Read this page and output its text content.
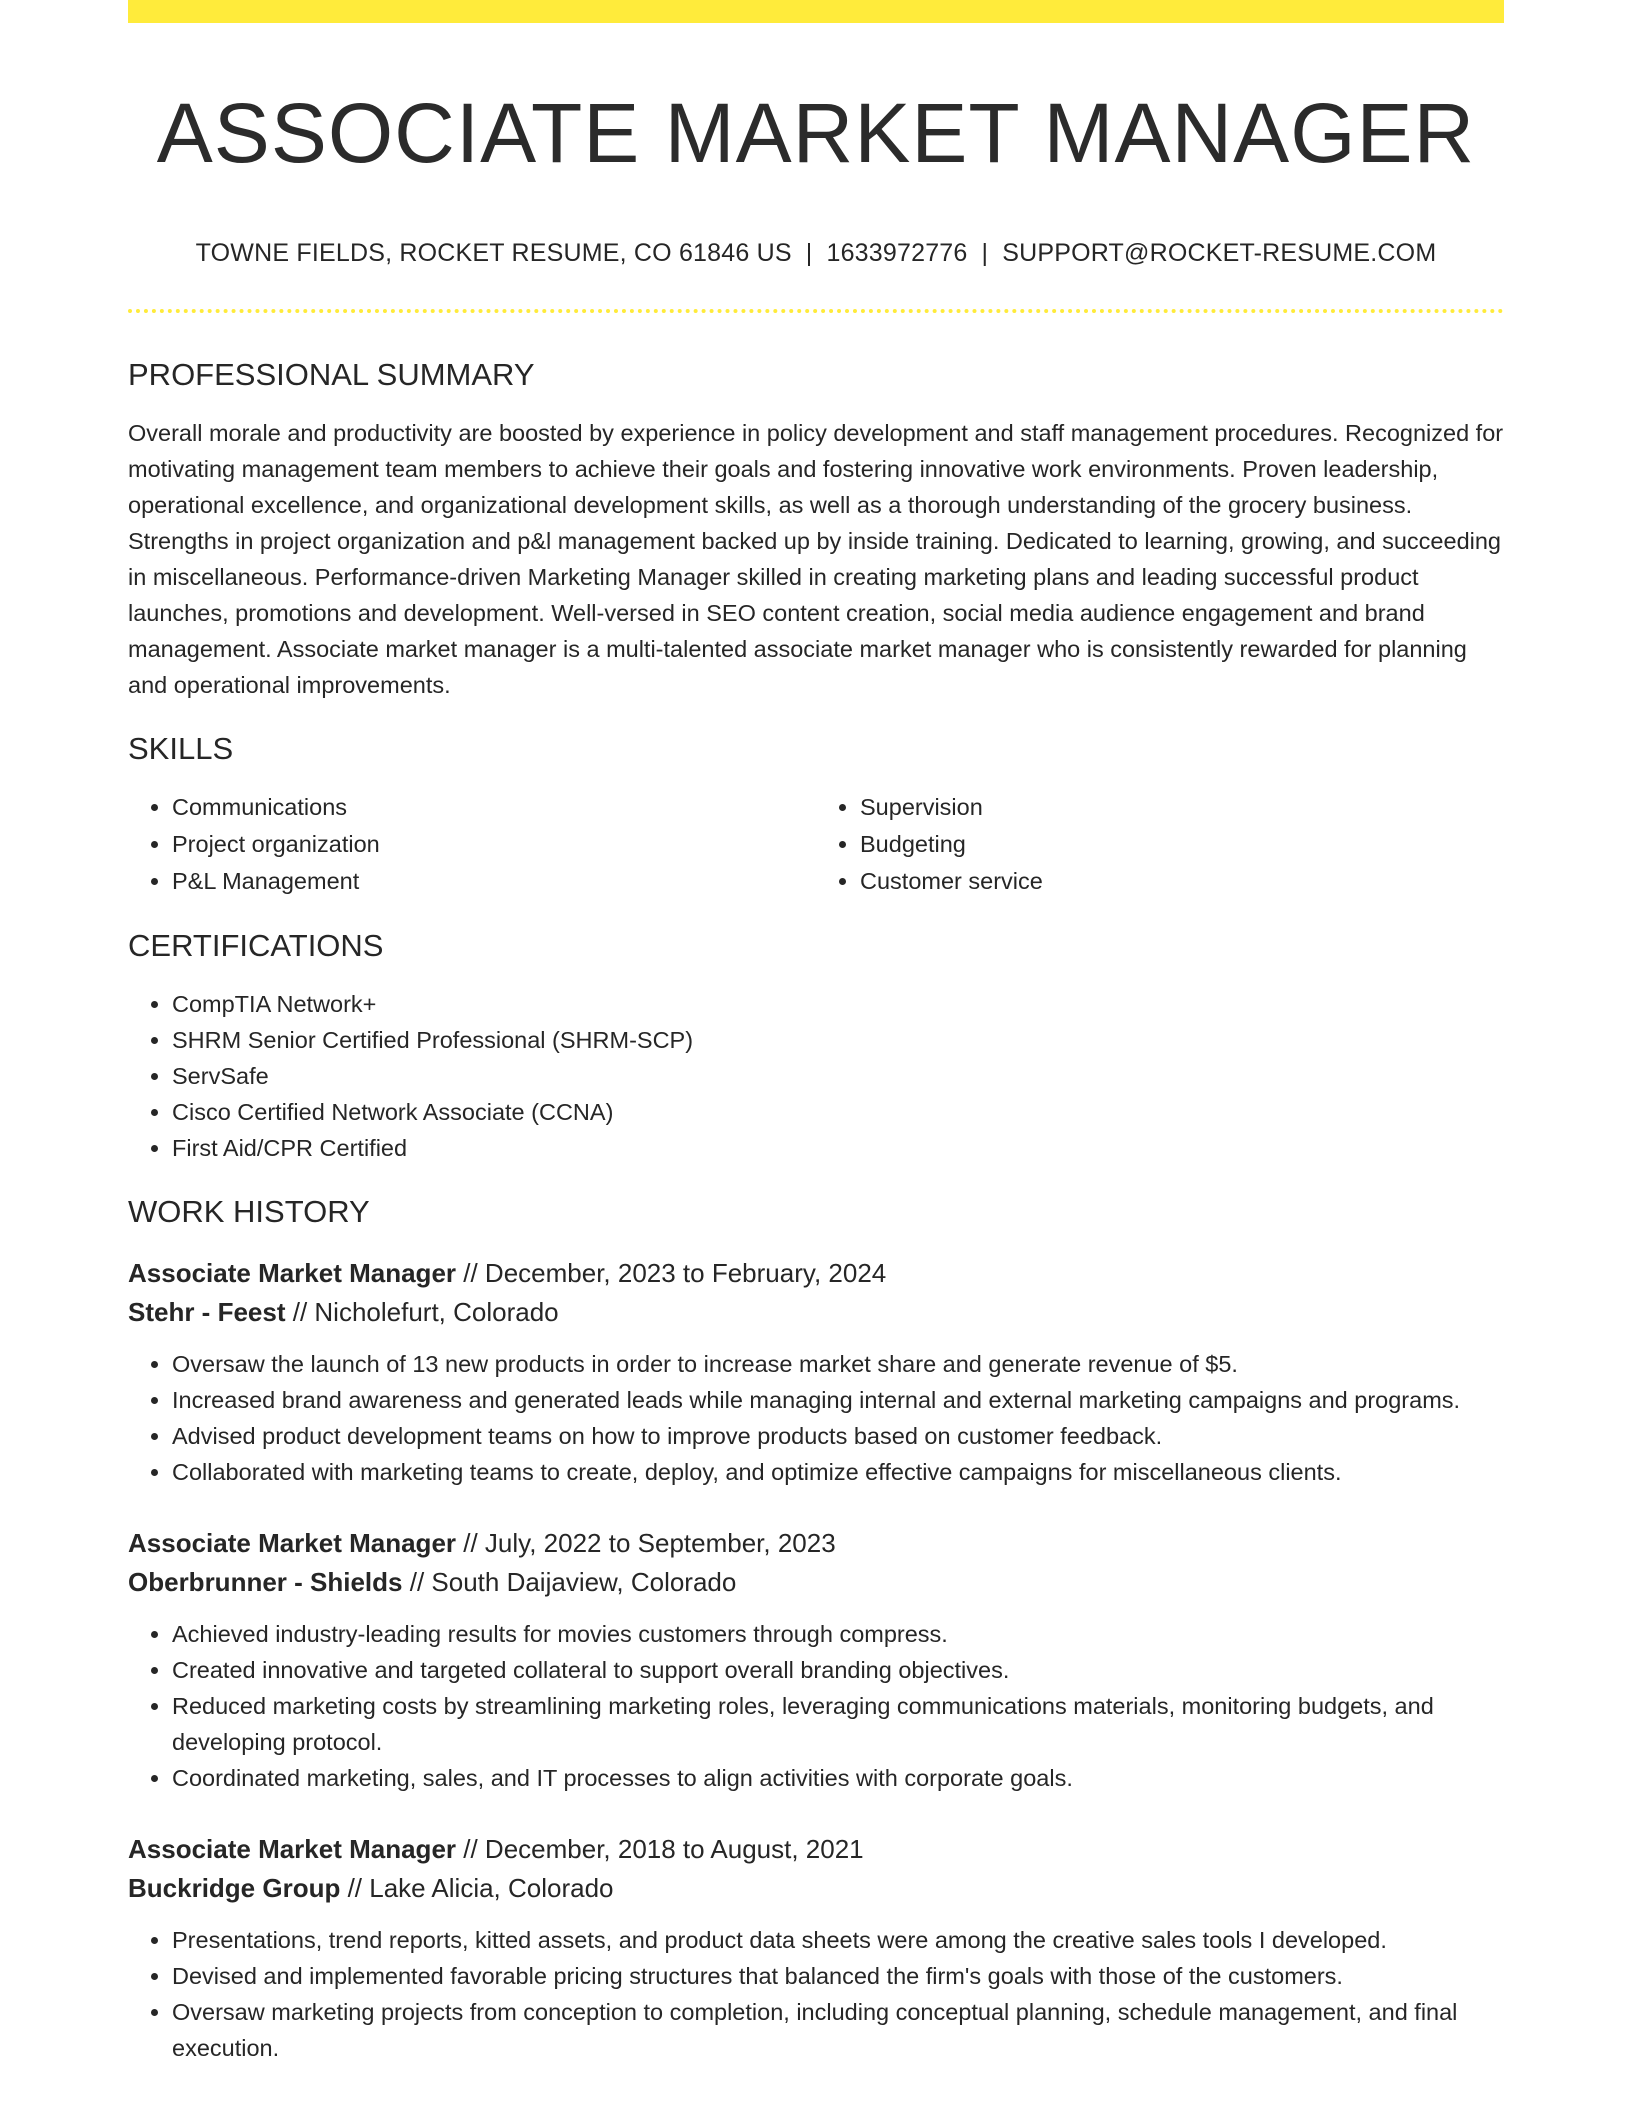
ASSOCIATE MARKET MANAGER
TOWNE FIELDS, ROCKET RESUME, CO 61846 US | 1633972776 | SUPPORT@ROCKET-RESUME.COM
PROFESSIONAL SUMMARY
Overall morale and productivity are boosted by experience in policy development and staff management procedures. Recognized for motivating management team members to achieve their goals and fostering innovative work environments. Proven leadership, operational excellence, and organizational development skills, as well as a thorough understanding of the grocery business. Strengths in project organization and p&l management backed up by inside training. Dedicated to learning, growing, and succeeding in miscellaneous. Performance-driven Marketing Manager skilled in creating marketing plans and leading successful product launches, promotions and development. Well-versed in SEO content creation, social media audience engagement and brand management. Associate market manager is a multi-talented associate market manager who is consistently rewarded for planning and operational improvements.
SKILLS
• Communications
• Project organization
• P&L Management
• Supervision
• Budgeting
• Customer service
CERTIFICATIONS
• CompTIA Network+
• SHRM Senior Certified Professional (SHRM-SCP)
• ServSafe
• Cisco Certified Network Associate (CCNA)
• First Aid/CPR Certified
WORK HISTORY
Associate Market Manager // December, 2023 to February, 2024
Stehr - Feest // Nicholefurt, Colorado
• Oversaw the launch of 13 new products in order to increase market share and generate revenue of $5.
• Increased brand awareness and generated leads while managing internal and external marketing campaigns and programs.
• Advised product development teams on how to improve products based on customer feedback.
• Collaborated with marketing teams to create, deploy, and optimize effective campaigns for miscellaneous clients.
Associate Market Manager // July, 2022 to September, 2023
Oberbrunner - Shields // South Daijaview, Colorado
• Achieved industry-leading results for movies customers through compress.
• Created innovative and targeted collateral to support overall branding objectives.
• Reduced marketing costs by streamlining marketing roles, leveraging communications materials, monitoring budgets, and developing protocol.
• Coordinated marketing, sales, and IT processes to align activities with corporate goals.
Associate Market Manager // December, 2018 to August, 2021
Buckridge Group // Lake Alicia, Colorado
• Presentations, trend reports, kitted assets, and product data sheets were among the creative sales tools I developed.
• Devised and implemented favorable pricing structures that balanced the firm's goals with those of the customers.
• Oversaw marketing projects from conception to completion, including conceptual planning, schedule management, and final execution.
